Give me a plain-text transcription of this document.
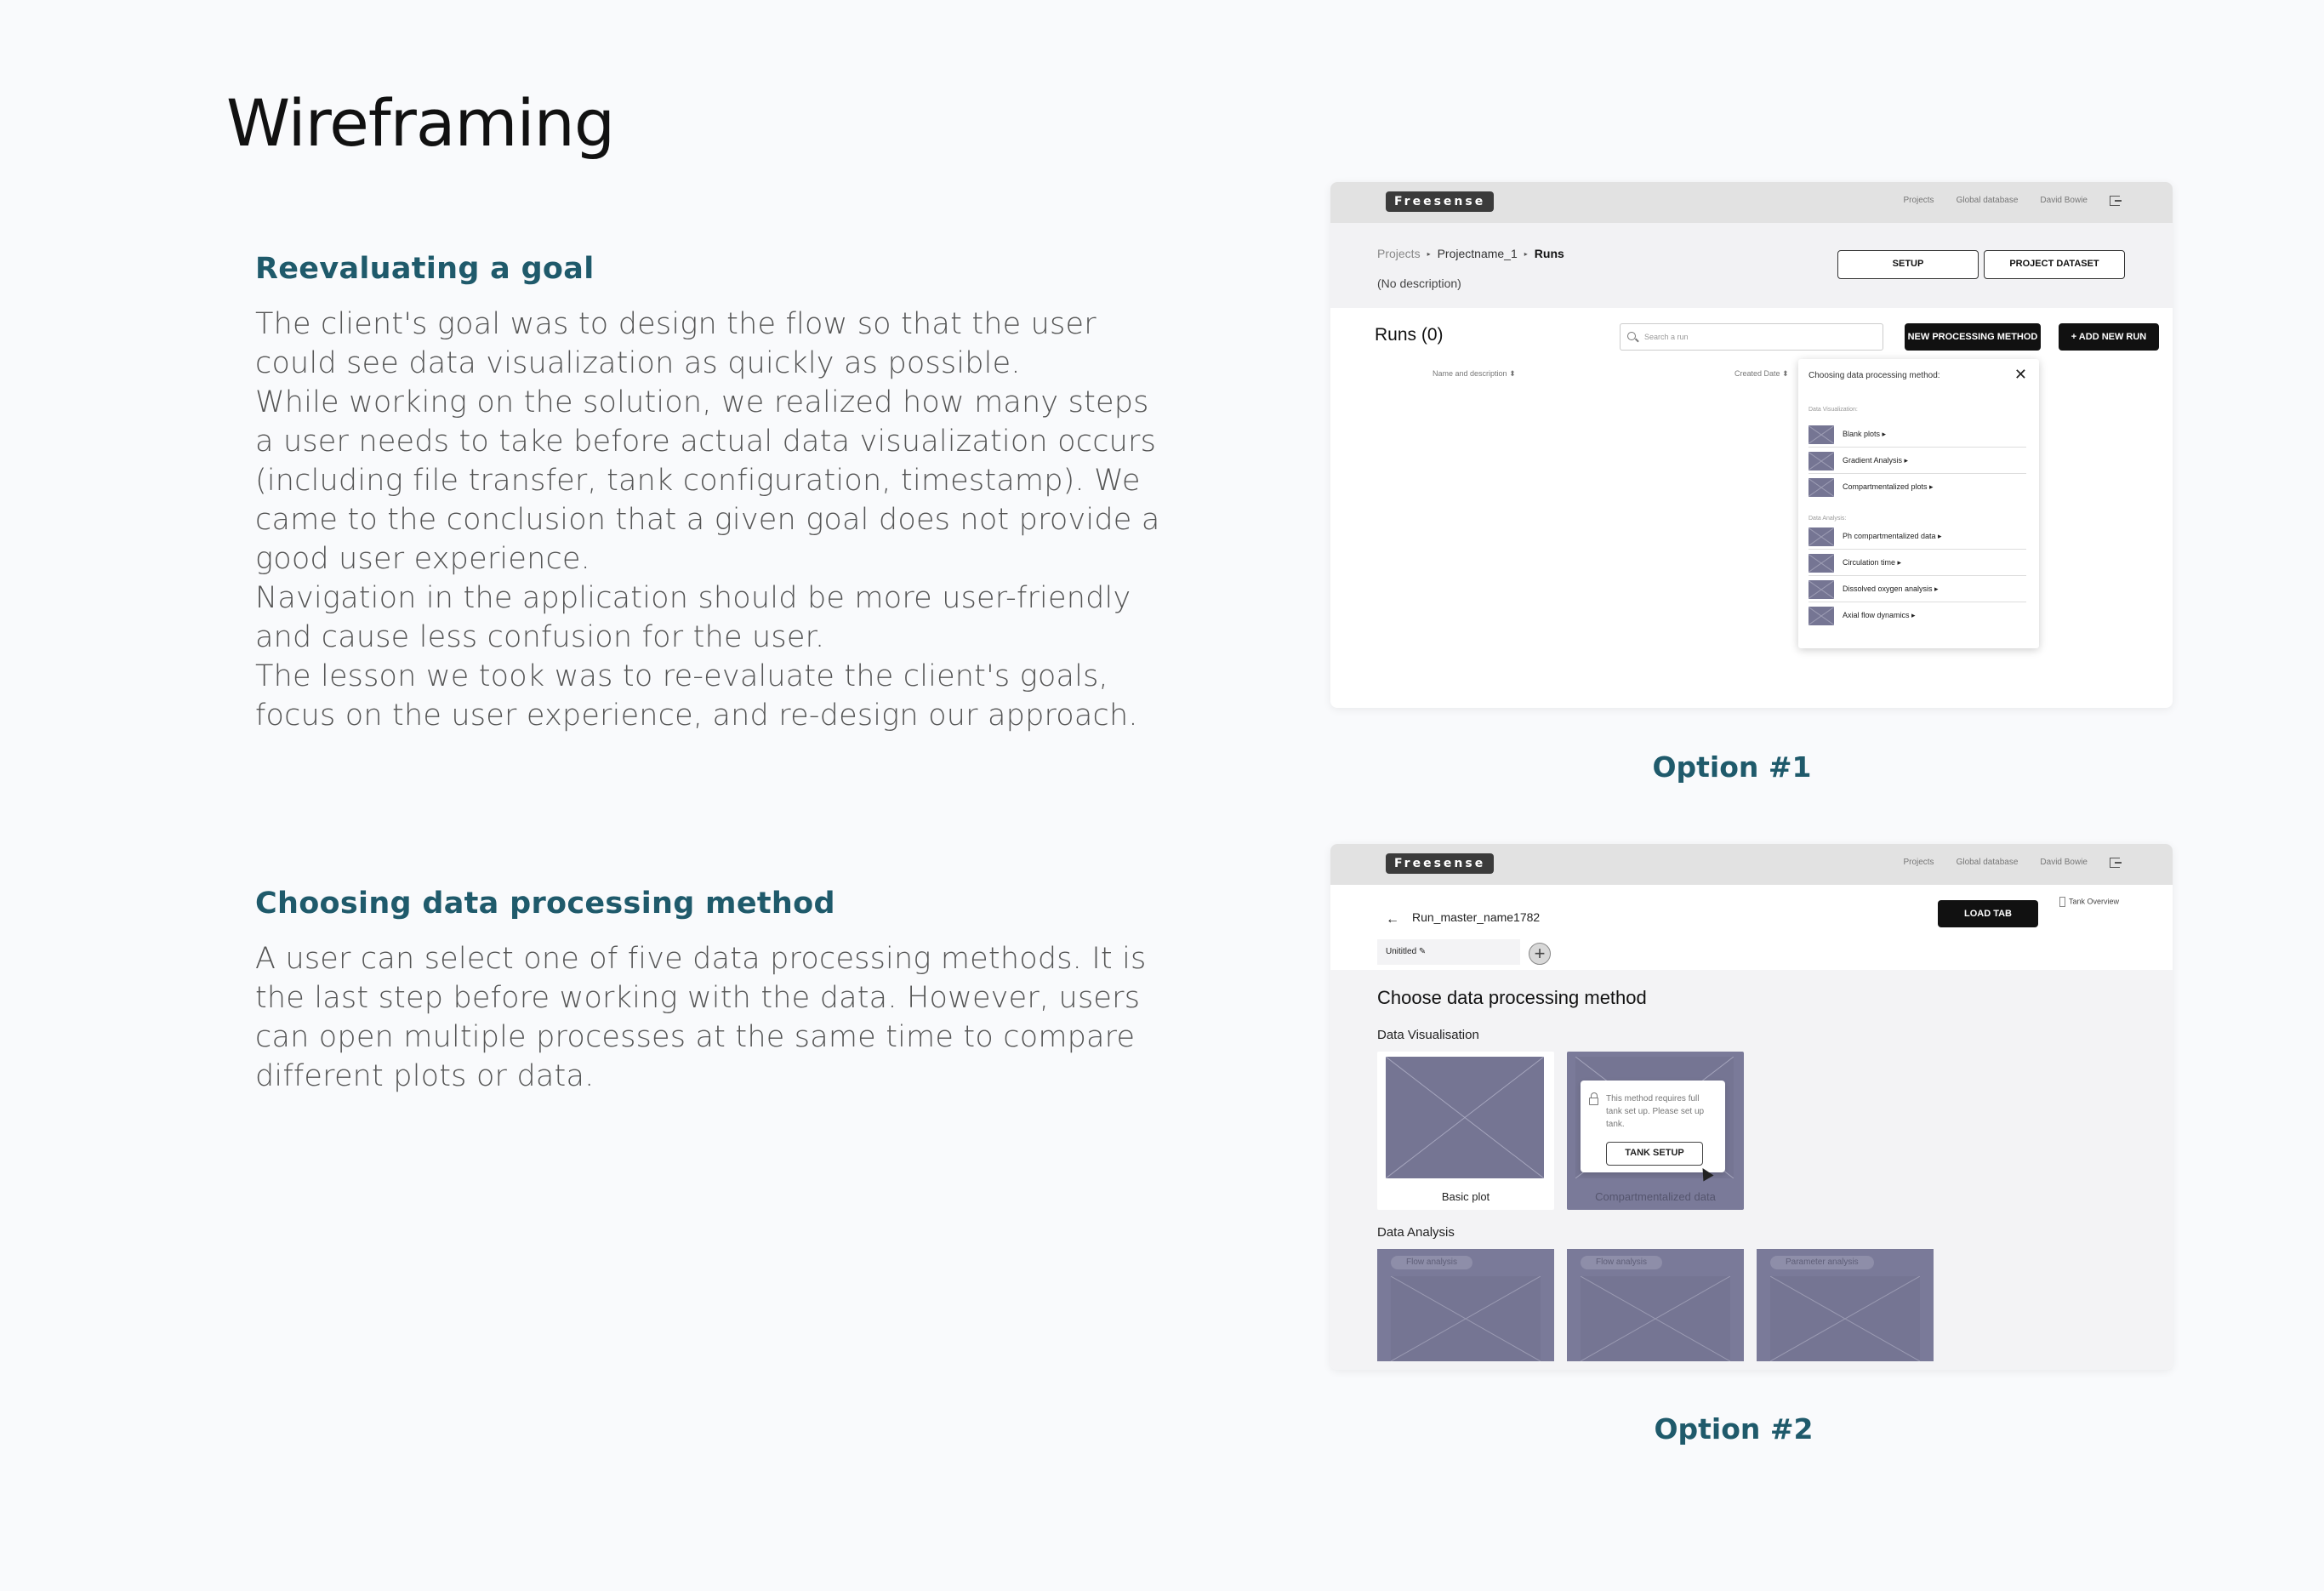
Wireframing
Reevaluating a goal

The client's goal was to design the flow so that the user could see data visualization as quickly as possible.
While working on the solution, we realized how many steps a user needs to take before actual data visualization occurs (including file transfer, tank configuration, timestamp). We came to the conclusion that a given goal does not provide a good user experience.
Navigation in the application should be more user-friendly and cause less confusion for the user.
The lesson we took was to re-evaluate the client's goals, focus on the user experience, and re-design our approach.

Choosing data processing method

A user can select one of five data processing methods. It is the last step before working with the data. However, users can open multiple processes at the same time to compare different plots or data.

Freesense	Projects	Global database	David Bowie
Projects ▸ Projectname_1 ▸ Runs
(No description)
SETUP	PROJECT DATASET
Runs (0)	Search a run	NEW PROCESSING METHOD	+ ADD NEW RUN
Name and description ⬍	Created Date ⬍ Choosing data processing method:	✕
Data Visualization:
Blank plots ▸
Gradient Analysis ▸
Compartmentalized plots ▸
Data Analysis:
Ph compartmentalized data ▸
Circulation time ▸
Dissolved oxygen analysis ▸
Axial flow dynamics ▸
Option #1
Freesense	Projects	Global database	David Bowie
← Run_master_name1782	LOAD TAB
Tank Overview
Unititled ✎	+
Choose data processing method
Data Visualisation
Basic plot
This method requires full tank set up. Please set up tank.
TANK SETUP
Compartmentalized data
Data Analysis
Flow analysis	Flow analysis	Parameter analysis
Option #2
